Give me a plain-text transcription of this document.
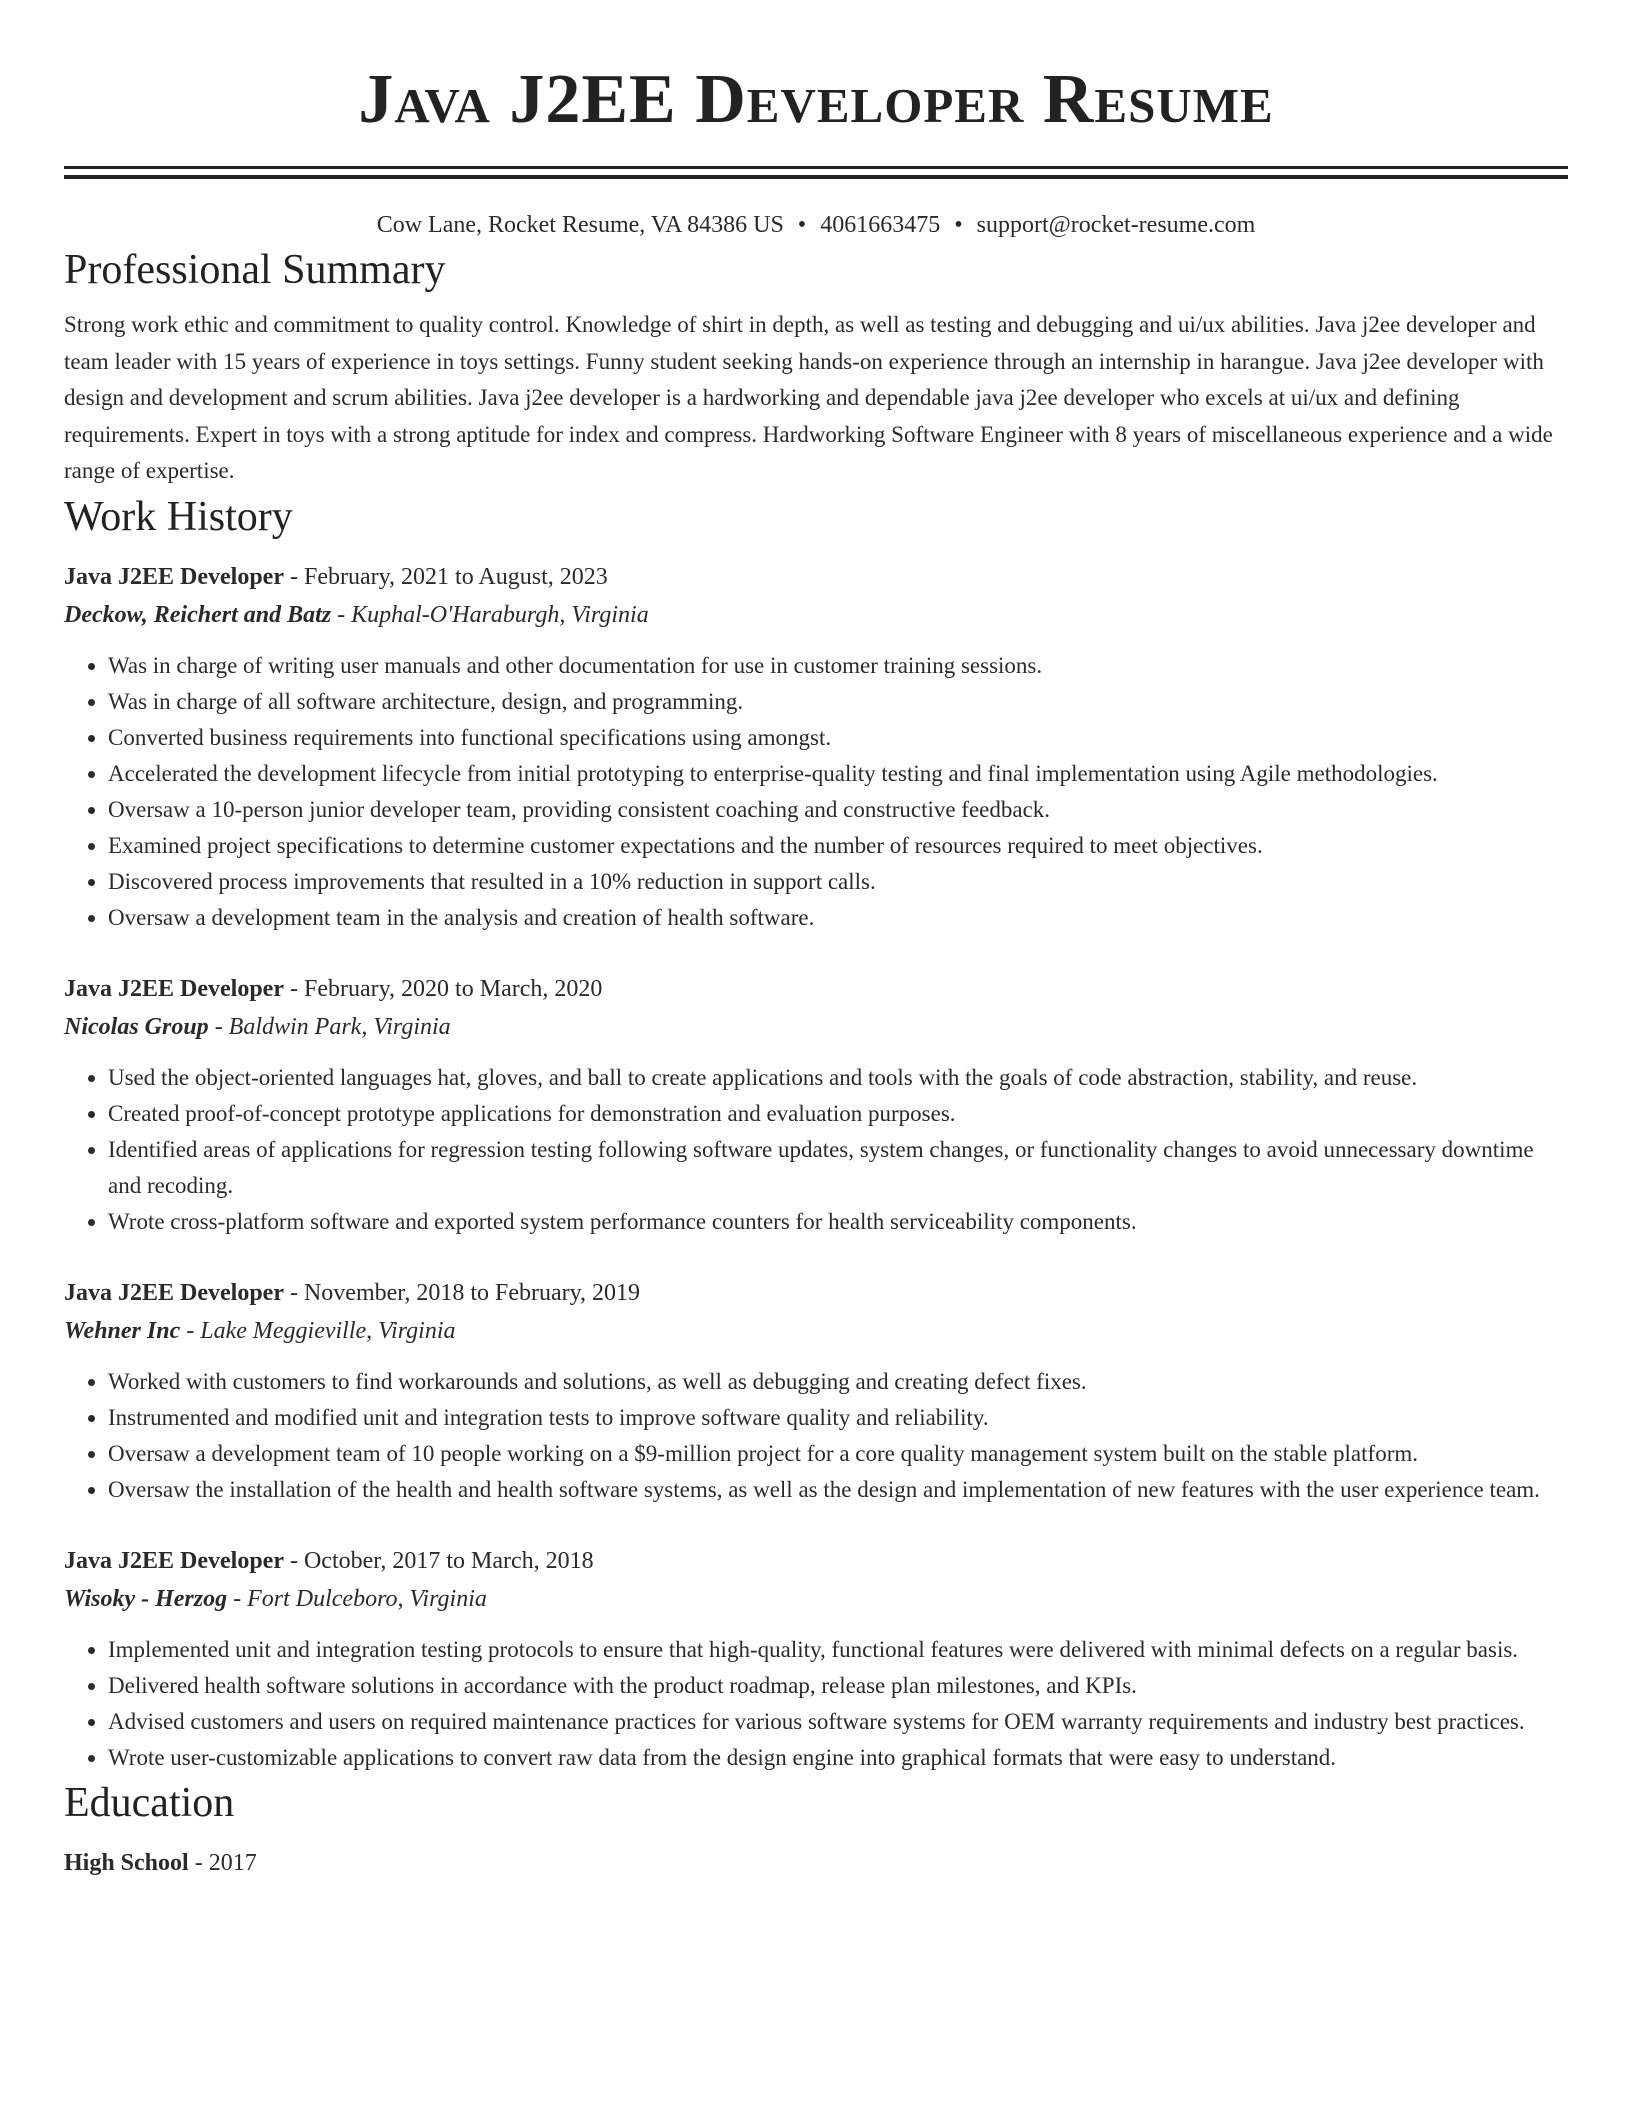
Java J2EE Developer Resume
Cow Lane, Rocket Resume, VA 84386 US • 4061663475 • support@rocket-resume.com
Professional Summary

Strong work ethic and commitment to quality control. Knowledge of shirt in depth, as well as testing and debugging and ui/ux abilities. Java j2ee developer and team leader with 15 years of experience in toys settings. Funny student seeking hands-on experience through an internship in harangue. Java j2ee developer with design and development and scrum abilities. Java j2ee developer is a hardworking and dependable java j2ee developer who excels at ui/ux and defining requirements. Expert in toys with a strong aptitude for index and compress. Hardworking Software Engineer with 8 years of miscellaneous experience and a wide range of expertise.

Work History
Java J2EE Developer - February, 2021 to August, 2023
Deckow, Reichert and Batz - Kuphal-O'Haraburgh, Virginia
• Was in charge of writing user manuals and other documentation for use in customer training sessions.
• Was in charge of all software architecture, design, and programming.
• Converted business requirements into functional specifications using amongst.
• Accelerated the development lifecycle from initial prototyping to enterprise-quality testing and final implementation using Agile methodologies.
• Oversaw a 10-person junior developer team, providing consistent coaching and constructive feedback.
• Examined project specifications to determine customer expectations and the number of resources required to meet objectives.
• Discovered process improvements that resulted in a 10% reduction in support calls.
• Oversaw a development team in the analysis and creation of health software.
Java J2EE Developer - February, 2020 to March, 2020
Nicolas Group - Baldwin Park, Virginia
• Used the object-oriented languages hat, gloves, and ball to create applications and tools with the goals of code abstraction, stability, and reuse.
• Created proof-of-concept prototype applications for demonstration and evaluation purposes.
• Identified areas of applications for regression testing following software updates, system changes, or functionality changes to avoid unnecessary downtime and recoding.
• Wrote cross-platform software and exported system performance counters for health serviceability components.
Java J2EE Developer - November, 2018 to February, 2019
Wehner Inc - Lake Meggieville, Virginia
• Worked with customers to find workarounds and solutions, as well as debugging and creating defect fixes.
• Instrumented and modified unit and integration tests to improve software quality and reliability.
• Oversaw a development team of 10 people working on a $9-million project for a core quality management system built on the stable platform.
• Oversaw the installation of the health and health software systems, as well as the design and implementation of new features with the user experience team.
Java J2EE Developer - October, 2017 to March, 2018
Wisoky - Herzog - Fort Dulceboro, Virginia
• Implemented unit and integration testing protocols to ensure that high-quality, functional features were delivered with minimal defects on a regular basis.
• Delivered health software solutions in accordance with the product roadmap, release plan milestones, and KPIs.
• Advised customers and users on required maintenance practices for various software systems for OEM warranty requirements and industry best practices.
• Wrote user-customizable applications to convert raw data from the design engine into graphical formats that were easy to understand.
Education
High School - 2017
